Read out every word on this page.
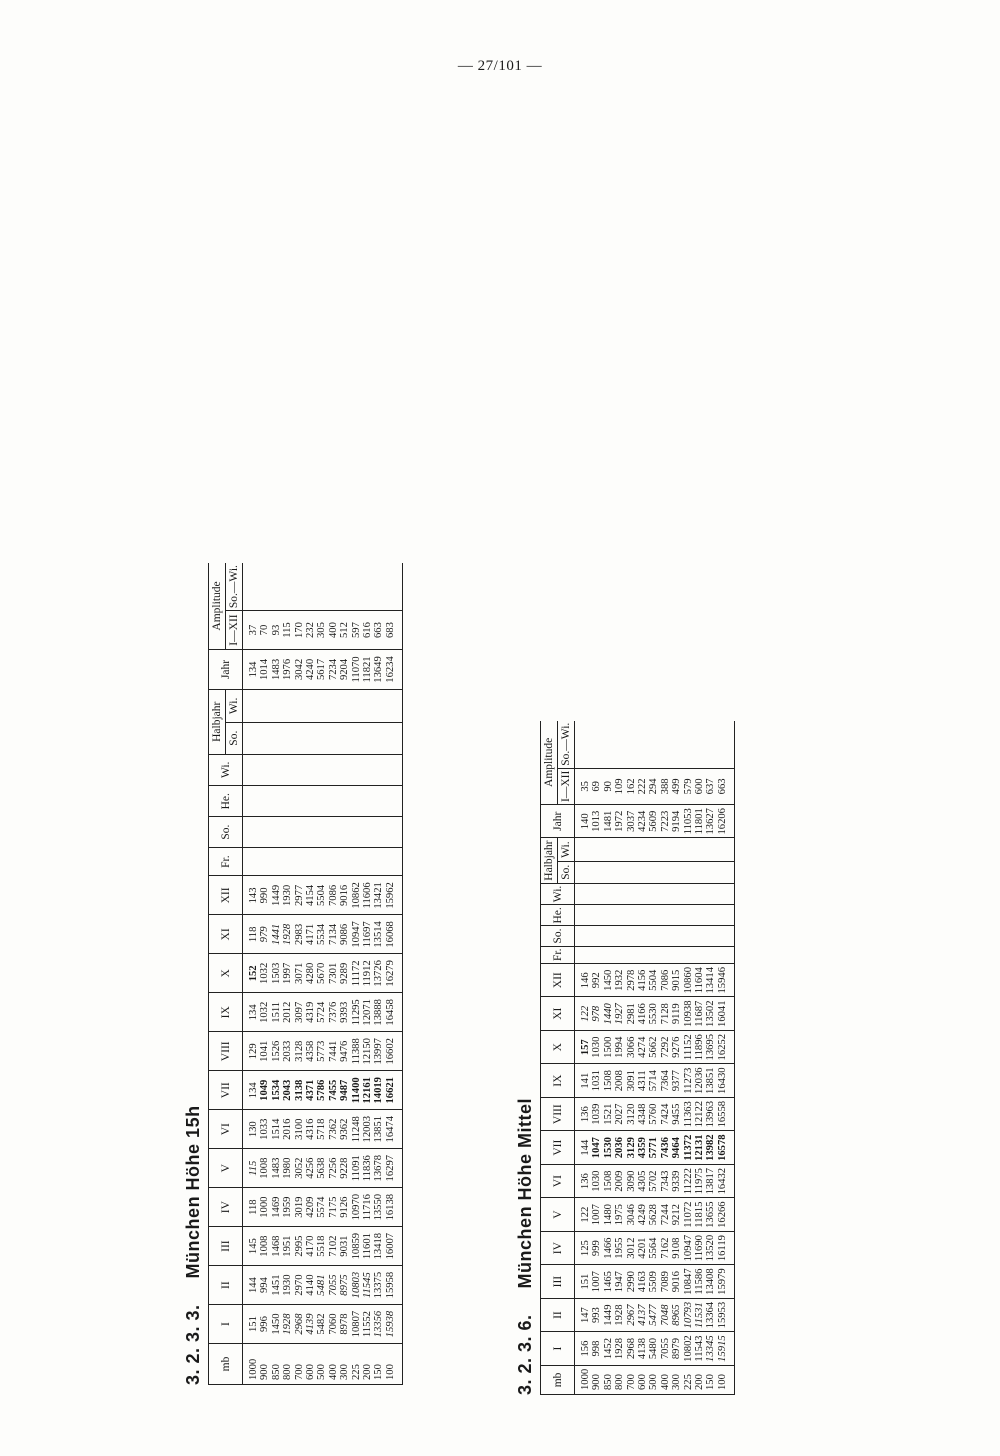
— 27/101 —
3. 2. 3. 3.München Höhe 15h
mb	I	II	III	IV	V	VI	VII	VIII	IX	X	XI	XII	Fr.	So.	He.	Wi.	Halbjahr		Jahr	Amplitude	
																	So.	Wi.		I—XII	So.—Wi.
1000	151	144	145	118	115	130	134	129	134	152	118	143							134	37	
900	996	994	1008	1000	1008	1033	1049	1041	1032	1032	979	990							1014	70	
850	1450	1451	1468	1469	1483	1514	1534	1526	1511	1503	1441	1449							1483	93	
800	1928	1930	1951	1959	1980	2016	2043	2033	2012	1997	1928	1930							1976	115	
700	2968	2970	2995	3019	3052	3100	3138	3128	3097	3071	2983	2977							3042	170	
600	4139	4140	4170	4209	4256	4316	4371	4358	4319	4280	4171	4154							4240	232	
500	5482	5481	5518	5574	5638	5718	5786	5773	5724	5670	5534	5504							5617	305	
400	7060	7055	7102	7175	7256	7362	7455	7441	7376	7301	7134	7086							7234	400	
300	8978	8975	9031	9126	9228	9362	9487	9476	9393	9289	9086	9016							9204	512	
225	10807	10803	10859	10970	11091	11248	11400	11388	11295	11172	10947	10862							11070	597	
200	11552	11545	11601	11716	11836	12003	12161	12150	12071	11912	11697	11606							11821	616	
150	13356	13375	13418	13550	13678	13851	14019	13997	13888	13726	13514	13421							13649	663	
100	15938	15958	16007	16138	16297	16474	16621	16602	16458	16279	16068	15962							16234	683	
3. 2. 3. 6.München Höhe Mittel
mb	I	II	III	IV	V	VI	VII	VIII	IX	X	XI	XII	Fr.	So.	He.	Wi.	Halbjahr		Jahr	Amplitude	
																	So.	Wi.		I—XII	So.—Wi.
1000	156	147	151	125	122	136	144	136	141	157	122	146							140	35	
900	998	993	1007	999	1007	1030	1047	1039	1031	1030	978	992							1013	69	
850	1452	1449	1465	1466	1480	1508	1530	1521	1508	1500	1440	1450							1481	90	
800	1928	1928	1947	1955	1975	2009	2036	2027	2008	1994	1927	1932							1972	109	
700	2968	2967	2990	3012	3046	3090	3129	3120	3091	3066	2981	2978							3037	162	
600	4138	4137	4163	4201	4249	4305	4359	4348	4311	4274	4166	4156							4234	222	
500	5480	5477	5509	5564	5628	5702	5771	5760	5714	5662	5530	5504							5609	294	
400	7055	7048	7089	7162	7244	7343	7436	7424	7364	7292	7128	7086							7223	388	
300	8979	8965	9016	9108	9212	9339	9464	9455	9377	9276	9119	9015							9194	499	
225	10802	10793	10847	10947	11072	11222	11372	11363	11273	11152	10938	10860							11053	579	
200	11543	11531	11586	11690	11815	11975	12131	12122	12036	11896	11687	11604							11801	600	
150	13345	13364	13408	13520	13655	13817	13982	13963	13851	13695	13502	13414							13627	637	
100	15915	15953	15979	16119	16266	16432	16578	16558	16430	16252	16041	15946							16206	663	
